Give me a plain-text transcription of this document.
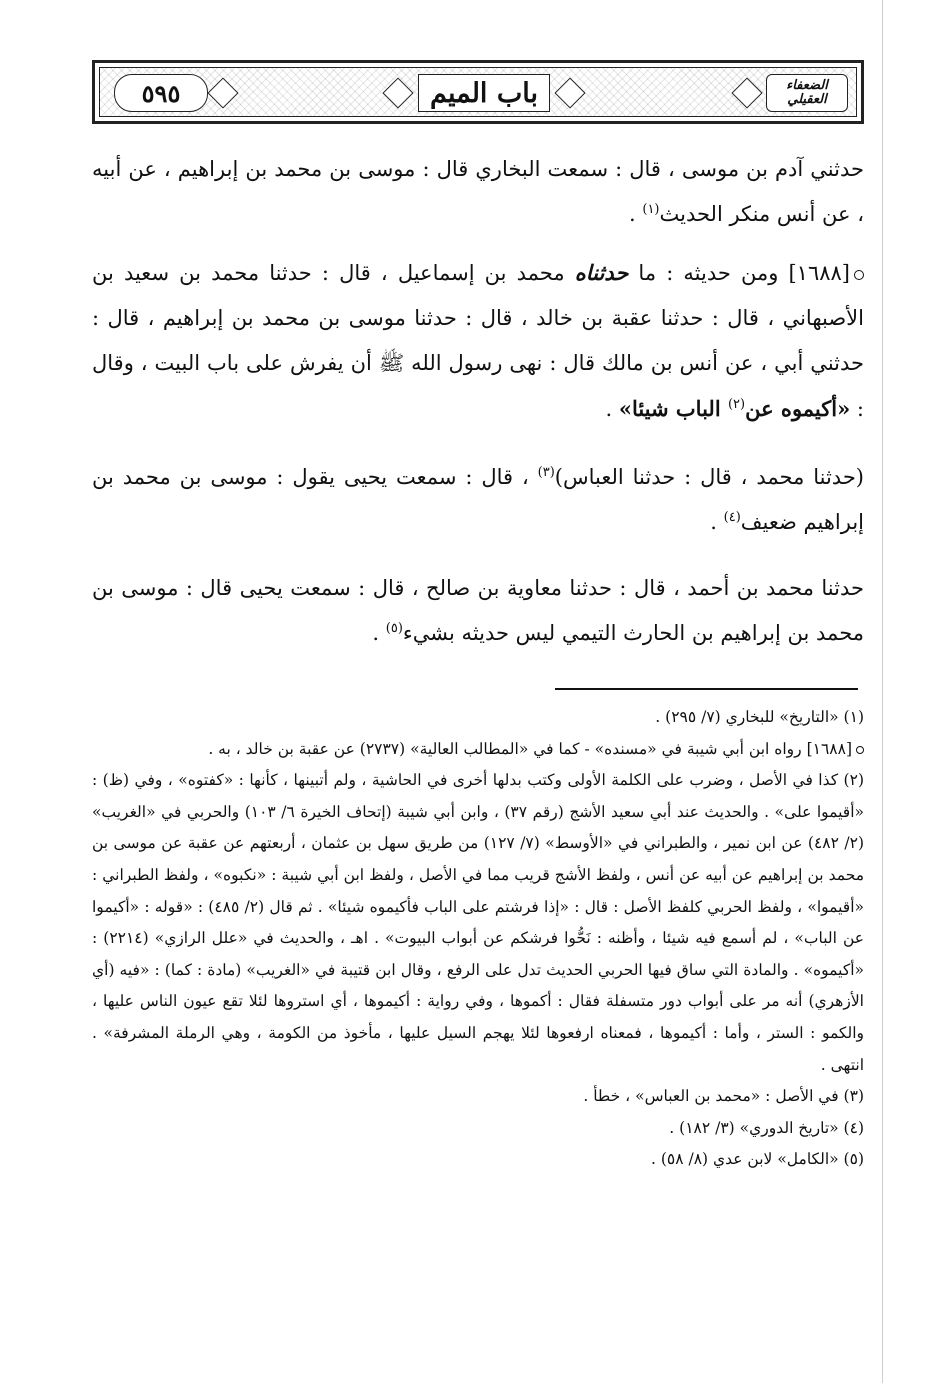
٥٩٥	باب الميم	الضعفاء العقيلي

حدثني آدم بن موسى ، قال : سمعت البخاري قال : موسى بن محمد بن إبراهيم ، عن أبيه ، عن أنس منكر الحديث$^{(١)}$ .

[١٦٨٨] ومن حديثه : ما حدثناه محمد بن إسماعيل ، قال : حدثنا محمد بن سعيد بن الأصبهاني ، قال : حدثنا عقبة بن خالد ، قال : حدثنا موسى بن محمد بن إبراهيم ، قال : حدثني أبي ، عن أنس بن مالك قال : نهى رسول الله ﷺ أن يفرش على باب البيت ، وقال : «أكيموه عن$^{(٢)}$ الباب شيئا» .

(حدثنا محمد ، قال : حدثنا العباس)$^{(٣)}$ ، قال : سمعت يحيى يقول : موسى بن محمد بن إبراهيم ضعيف$^{(٤)}$ .

حدثنا محمد بن أحمد ، قال : حدثنا معاوية بن صالح ، قال : سمعت يحيى قال : موسى بن محمد بن إبراهيم بن الحارث التيمي ليس حديثه بشيء$^{(٥)}$ .

(١) «التاريخ» للبخاري (٧/ ٢٩٥) .

[١٦٨٨] رواه ابن أبي شيبة في «مسنده» - كما في «المطالب العالية» (٢٧٣٧) عن عقبة بن خالد ، به .

(٢) كذا في الأصل ، وضرب على الكلمة الأولى وكتب بدلها أخرى في الحاشية ، ولم أتبينها ، كأنها : «كفتوه» ، وفي (ظ) : «أقيموا على» . والحديث عند أبي سعيد الأشج (رقم ٣٧) ، وابن أبي شيبة (إتحاف الخيرة ٦/ ١٠٣) والحربي في «الغريب» (٢/ ٤٨٢) عن ابن نمير ، والطبراني في «الأوسط» (٧/ ١٢٧) من طريق سهل بن عثمان ، أربعتهم عن عقبة عن موسى بن محمد بن إبراهيم عن أبيه عن أنس ، ولفظ الأشج قريب مما في الأصل ، ولفظ ابن أبي شيبة : «نكبوه» ، ولفظ الطبراني : «أقيموا» ، ولفظ الحربي كلفظ الأصل : قال : «إذا فرشتم على الباب فأكيموه شيئا» . ثم قال (٢/ ٤٨٥) : «قوله : «أكيموا عن الباب» ، لم أسمع فيه شيئا ، وأظنه : نَحُّوا فرشكم عن أبواب البيوت» . اهـ ، والحديث في «علل الرازي» (٢٢١٤) : «أكيموه» . والمادة التي ساق فيها الحربي الحديث تدل على الرفع ، وقال ابن قتيبة في «الغريب» (مادة : كما) : «فيه (أي الأزهري) أنه مر على أبواب دور متسفلة فقال : أكموها ، وفي رواية : أكيموها ، أي استروها لئلا تقع عيون الناس عليها ، والكمو : الستر ، وأما : أكيموها ، فمعناه ارفعوها لئلا يهجم السيل عليها ، مأخوذ من الكومة ، وهي الرملة المشرفة» . انتهى .

(٣) في الأصل : «محمد بن العباس» ، خطأ .

(٤) «تاريخ الدوري» (٣/ ١٨٢) .

(٥) «الكامل» لابن عدي (٨/ ٥٨) .
